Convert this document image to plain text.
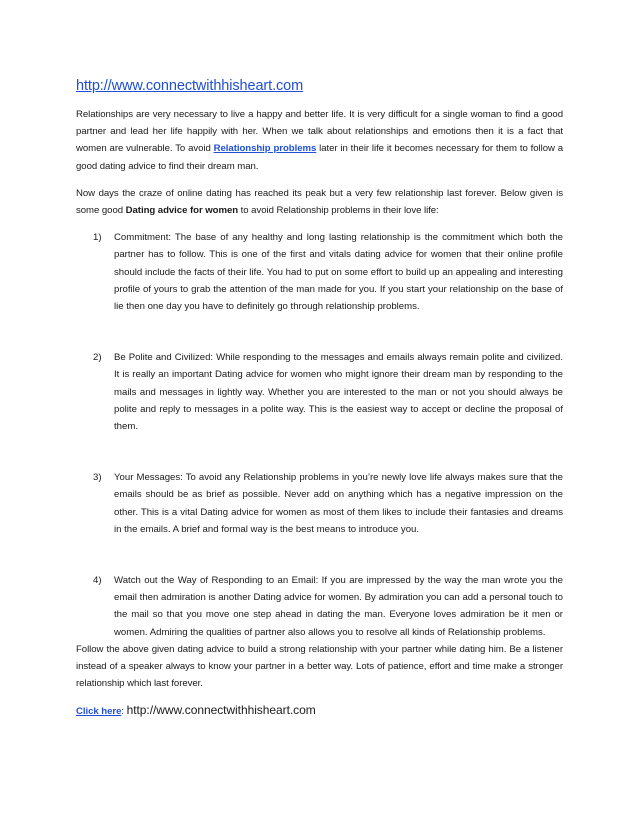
http://www.connectwithhisheart.com

Relationships are very necessary to live a happy and better life. It is very difficult for a single woman to find a good partner and lead her life happily with her. When we talk about relationships and emotions then it is a fact that women are vulnerable. To avoid Relationship problems later in their life it becomes necessary for them to follow a good dating advice to find their dream man.

Now days the craze of online dating has reached its peak but a very few relationship last forever. Below given is some good Dating advice for women to avoid Relationship problems in their love life:

1) Commitment: The base of any healthy and long lasting relationship is the commitment which both the partner has to follow. This is one of the first and vitals dating advice for women that their online profile should include the facts of their life. You had to put on some effort to build up an appealing and interesting profile of yours to grab the attention of the man made for you. If you start your relationship on the base of lie then one day you have to definitely go through relationship problems.

2) Be Polite and Civilized: While responding to the messages and emails always remain polite and civilized. It is really an important Dating advice for women who might ignore their dream man by responding to the mails and messages in lightly way. Whether you are interested to the man or not you should always be polite and reply to messages in a polite way. This is the easiest way to accept or decline the proposal of them.

3) Your Messages: To avoid any Relationship problems in you’re newly love life always makes sure that the emails should be as brief as possible. Never add on anything which has a negative impression on the other. This is a vital Dating advice for women as most of them likes to include their fantasies and dreams in the emails. A brief and formal way is the best means to introduce you.

4) Watch out the Way of Responding to an Email: If you are impressed by the way the man wrote you the email then admiration is another Dating advice for women. By admiration you can add a personal touch to the mail so that you move one step ahead in dating the man. Everyone loves admiration be it men or women. Admiring the qualities of partner also allows you to resolve all kinds of Relationship problems.

Follow the above given dating advice to build a strong relationship with your partner while dating him. Be a listener instead of a speaker always to know your partner in a better way. Lots of patience, effort and time make a stronger relationship which last forever.

Click here: http://www.connectwithhisheart.com
